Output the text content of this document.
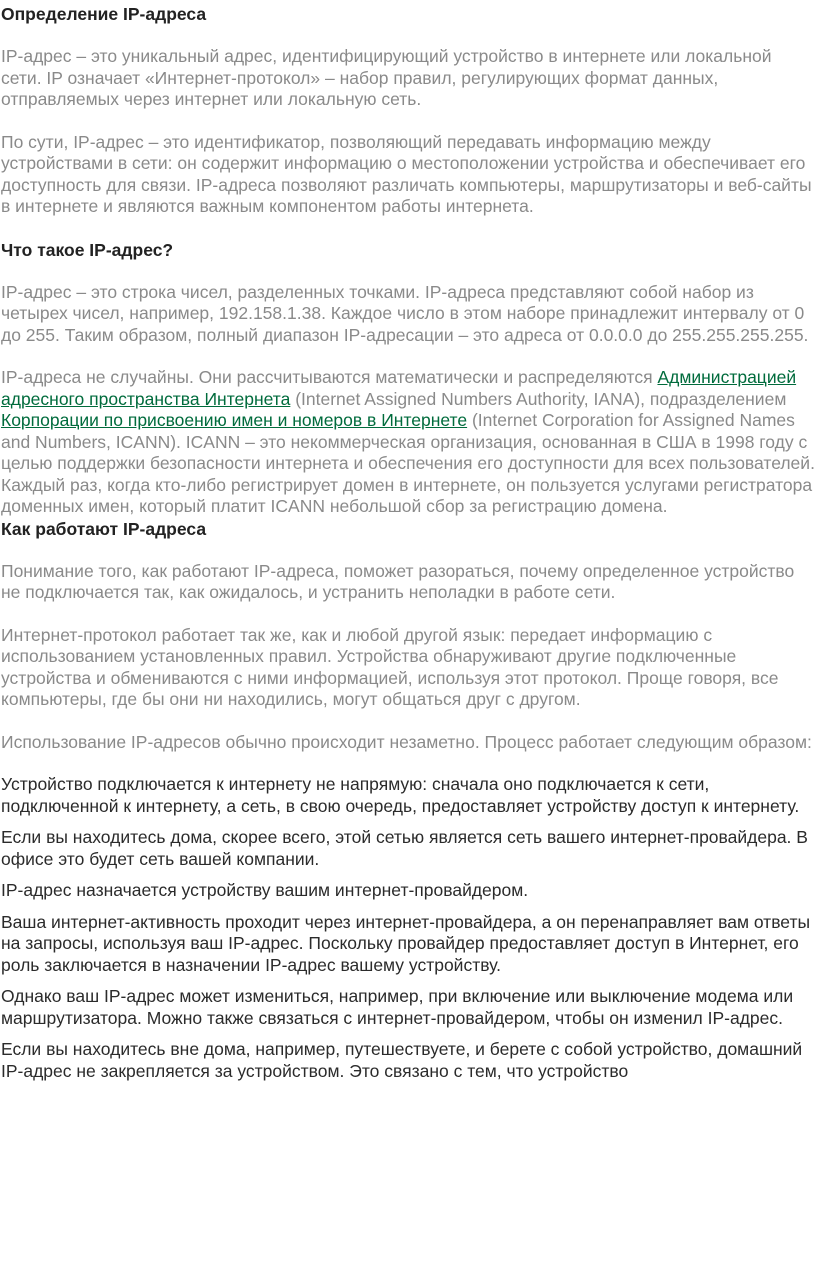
Определение IP-адреса

IP-адрес – это уникальный адрес, идентифицирующий устройство в интернете или локальной сети. IP означает «Интернет-протокол» – набор правил, регулирующих формат данных, отправляемых через интернет или локальную сеть.

По сути, IP-адрес – это идентификатор, позволяющий передавать информацию между устройствами в сети: он содержит информацию о местоположении устройства и обеспечивает его доступность для связи. IP-адреса позволяют различать компьютеры, маршрутизаторы и веб-сайты в интернете и являются важным компонентом работы интернета.

Что такое IP-адрес?

IP-адрес – это строка чисел, разделенных точками. IP-адреса представляют собой набор из четырех чисел, например, 192.158.1.38. Каждое число в этом наборе принадлежит интервалу от 0 до 255. Таким образом, полный диапазон IP-адресации – это адреса от 0.0.0.0 до 255.255.255.255.

IP-адреса не случайны. Они рассчитываются математически и распределяются Администрацией адресного пространства Интернета (Internet Assigned Numbers Authority, IANA), подразделением Корпорации по присвоению имен и номеров в Интернете (Internet Corporation for Assigned Names and Numbers, ICANN). ICANN – это некоммерческая организация, основанная в США в 1998 году с целью поддержки безопасности интернета и обеспечения его доступности для всех пользователей. Каждый раз, когда кто-либо регистрирует домен в интернете, он пользуется услугами регистратора доменных имен, который платит ICANN небольшой сбор за регистрацию домена.

Как работают IP-адреса

Понимание того, как работают IP-адреса, поможет разораться, почему определенное устройство не подключается так, как ожидалось, и устранить неполадки в работе сети.

Интернет-протокол работает так же, как и любой другой язык: передает информацию с использованием установленных правил. Устройства обнаруживают другие подключенные устройства и обмениваются с ними информацией, используя этот протокол. Проще говоря, все компьютеры, где бы они ни находились, могут общаться друг с другом.

Использование IP-адресов обычно происходит незаметно. Процесс работает следующим образом:

Устройство подключается к интернету не напрямую: сначала оно подключается к сети, подключенной к интернету, а сеть, в свою очередь, предоставляет устройству доступ к интернету.

Если вы находитесь дома, скорее всего, этой сетью является сеть вашего интернет-провайдера. В офисе это будет сеть вашей компании.

IP-адрес назначается устройству вашим интернет-провайдером.

Ваша интернет-активность проходит через интернет-провайдера, а он перенаправляет вам ответы на запросы, используя ваш IP-адрес. Поскольку провайдер предоставляет доступ в Интернет, его роль заключается в назначении IP-адрес вашему устройству.

Однако ваш IP-адрес может измениться, например, при включение или выключение модема или маршрутизатора. Можно также связаться с интернет-провайдером, чтобы он изменил IP-адрес.

Если вы находитесь вне дома, например, путешествуете, и берете с собой устройство, домашний IP-адрес не закрепляется за устройством. Это связано с тем, что устройство
